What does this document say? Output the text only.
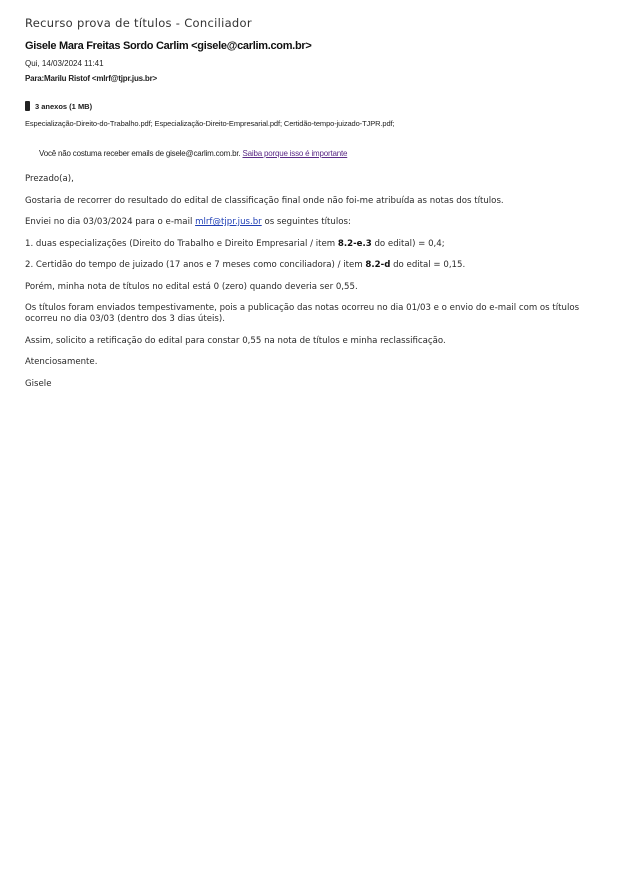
Recurso prova de títulos - Conciliador
Gisele Mara Freitas Sordo Carlim <gisele@carlim.com.br>
Qui, 14/03/2024 11:41
Para:Marilu Ristof <mlrf@tjpr.jus.br>
3 anexos (1 MB)
Especialização-Direito-do-Trabalho.pdf; Especialização-Direito-Empresarial.pdf; Certidão-tempo-juizado-TJPR.pdf;
Você não costuma receber emails de gisele@carlim.com.br. Saiba porque isso é importante

Prezado(a),

Gostaria de recorrer do resultado do edital de classificação final onde não foi-me atribuída as notas dos títulos.

Enviei no dia 03/03/2024 para o e-mail mlrf@tjpr.jus.br os seguintes títulos:

1. duas especializações (Direito do Trabalho e Direito Empresarial / item 8.2-e.3 do edital) = 0,4;

2. Certidão do tempo de juizado (17 anos e 7 meses como conciliadora) / item 8.2-d do edital = 0,15.

Porém, minha nota de títulos no edital está 0 (zero) quando deveria ser 0,55.

Os títulos foram enviados tempestivamente, pois a publicação das notas ocorreu no dia 01/03 e o envio do e-mail com os títulos ocorreu no dia 03/03 (dentro dos 3 dias úteis).

Assim, solicito a retificação do edital para constar 0,55 na nota de títulos e minha reclassificação.

Atenciosamente.

Gisele
